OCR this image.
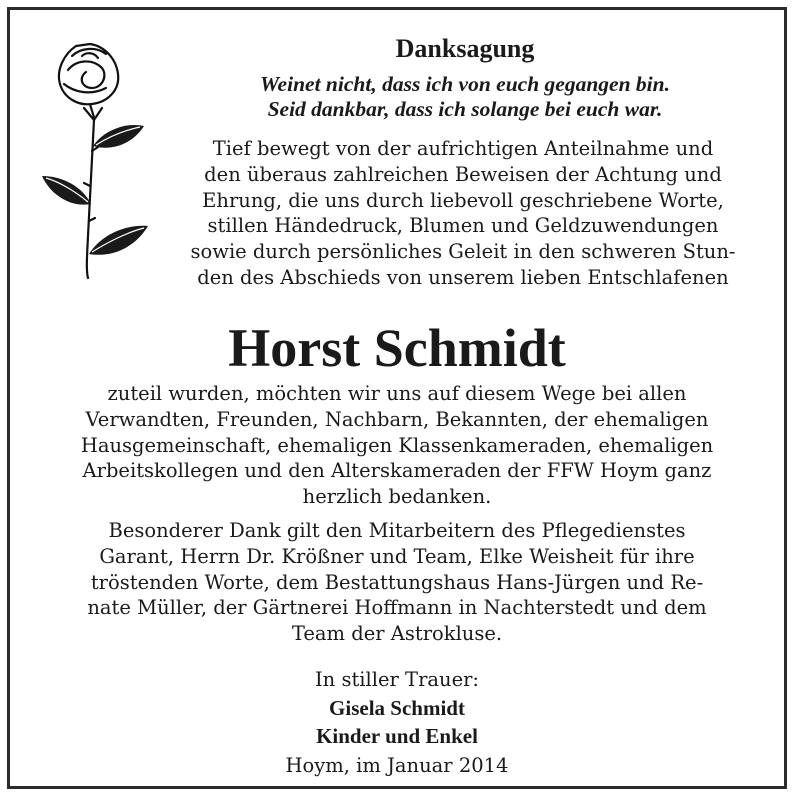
Danksagung
Weinet nicht, dass ich von euch gegangen bin.
Seid dankbar, dass ich solange bei euch war.
Tief bewegt von der aufrichtigen Anteilnahme und
den überaus zahlreichen Beweisen der Achtung und
Ehrung, die uns durch liebevoll geschriebene Worte,
stillen Händedruck, Blumen und Geldzuwendungen
sowie durch persönliches Geleit in den schweren Stun-
den des Abschieds von unserem lieben Entschlafenen
Horst Schmidt
zuteil wurden, möchten wir uns auf diesem Wege bei allen
Verwandten, Freunden, Nachbarn, Bekannten, der ehemaligen
Hausgemeinschaft, ehemaligen Klassenkameraden, ehemaligen
Arbeitskollegen und den Alterskameraden der FFW Hoym ganz
herzlich bedanken.
Besonderer Dank gilt den Mitarbeitern des Pflegedienstes
Garant, Herrn Dr. Krößner und Team, Elke Weisheit für ihre
tröstenden Worte, dem Bestattungshaus Hans-Jürgen und Re-
nate Müller, der Gärtnerei Hoffmann in Nachterstedt und dem
Team der Astrokluse.
In stiller Trauer:
Gisela Schmidt
Kinder und Enkel
Hoym, im Januar 2014
